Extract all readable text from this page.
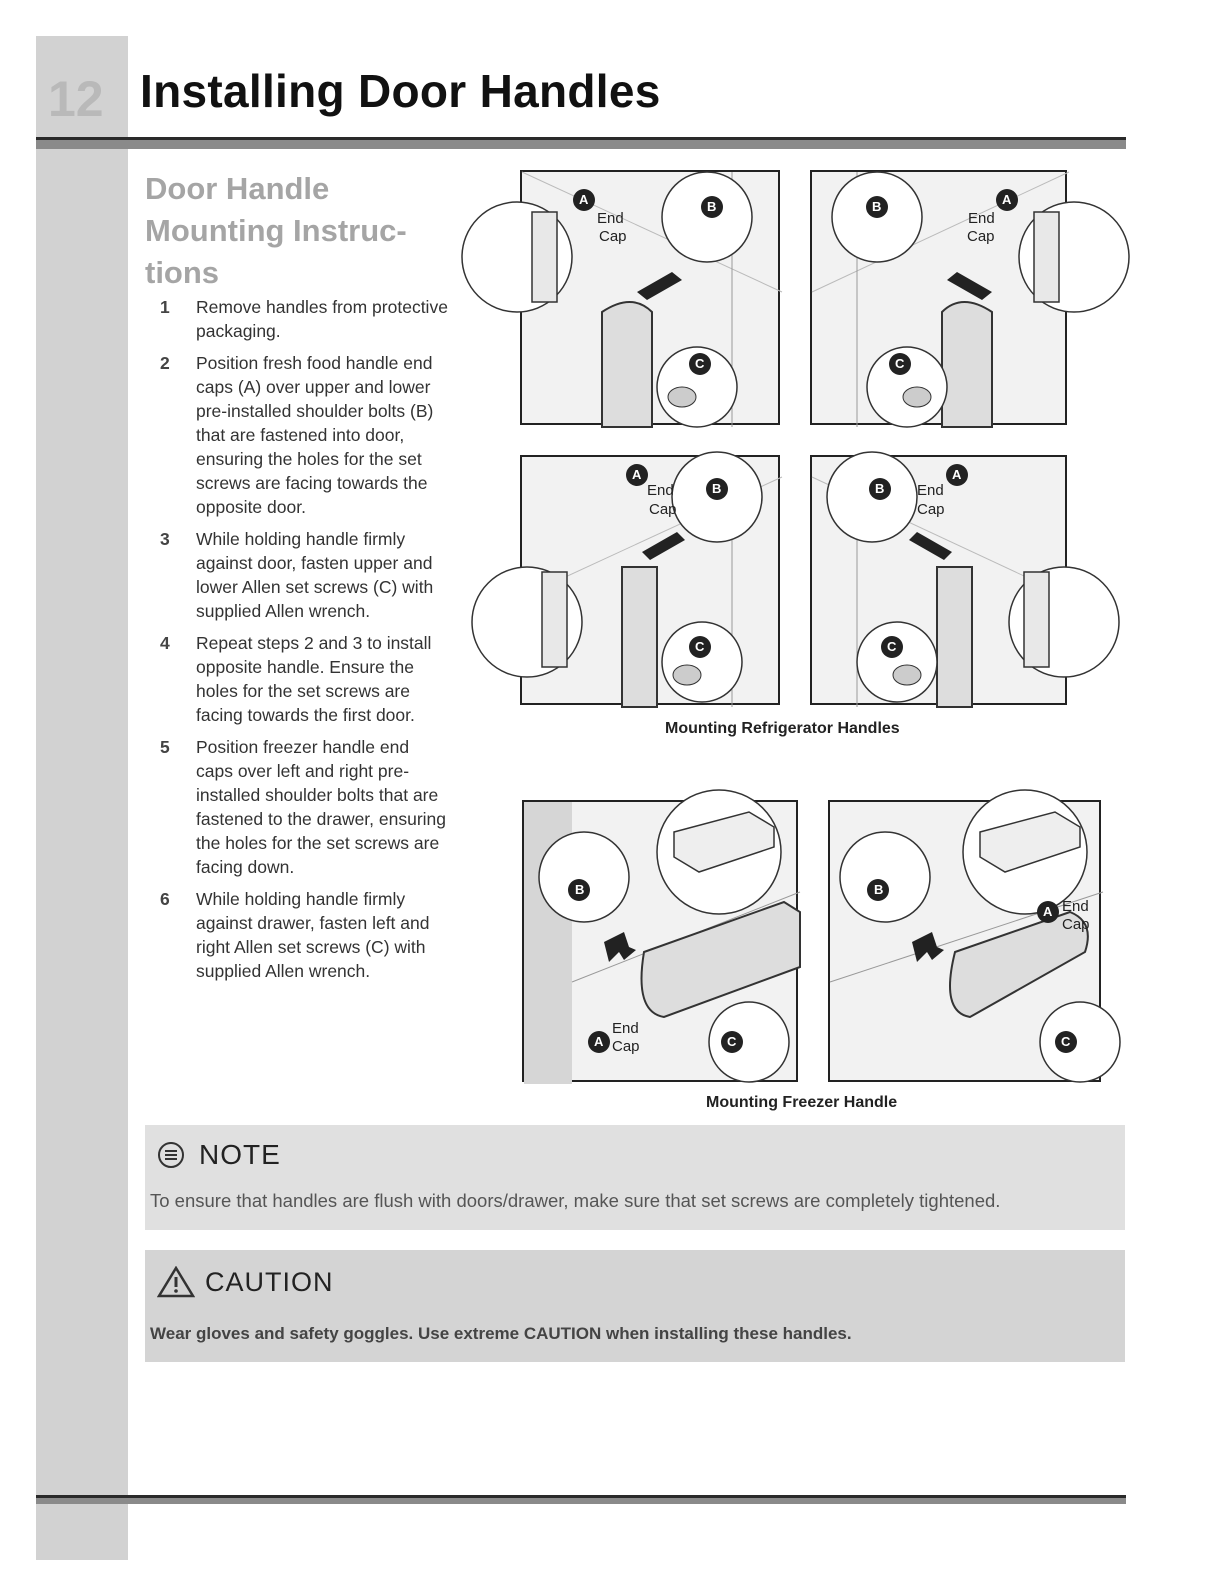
12 Installing Door Handles
Door Handle
Mounting Instruc-
tions
1	Remove handles from protective packaging.
2	Position fresh food handle end caps (A) over upper and lower pre-installed shoulder bolts (B) that are fastened into door, ensuring the holes for the set screws are facing towards the opposite door.
3	While holding handle firmly against door, fasten upper and lower Allen set screws (C) with supplied Allen wrench.
4	Repeat steps 2 and 3 to install opposite handle. Ensure the holes for the set screws are facing towards the first door.
5	Position freezer handle end caps over left and right pre-installed shoulder bolts that are fastened to the drawer, ensuring the holes for the set screws are facing down.
6	While holding handle firmly against drawer, fasten left and right Allen set screws (C) with supplied Allen wrench.
A	B
C
End
Cap
A
B
C
End
Cap
A
B
C
End
Cap
A
B
C
End
Cap
Mounting Refrigerator Handles
B
A	C
End
Cap
B
A
C
End
Cap
Mounting Freezer Handle
NOTE
To ensure that handles are flush with doors/drawer, make sure that set screws are completely tightened.
CAUTION
Wear gloves and safety goggles. Use extreme CAUTION when installing these handles.
